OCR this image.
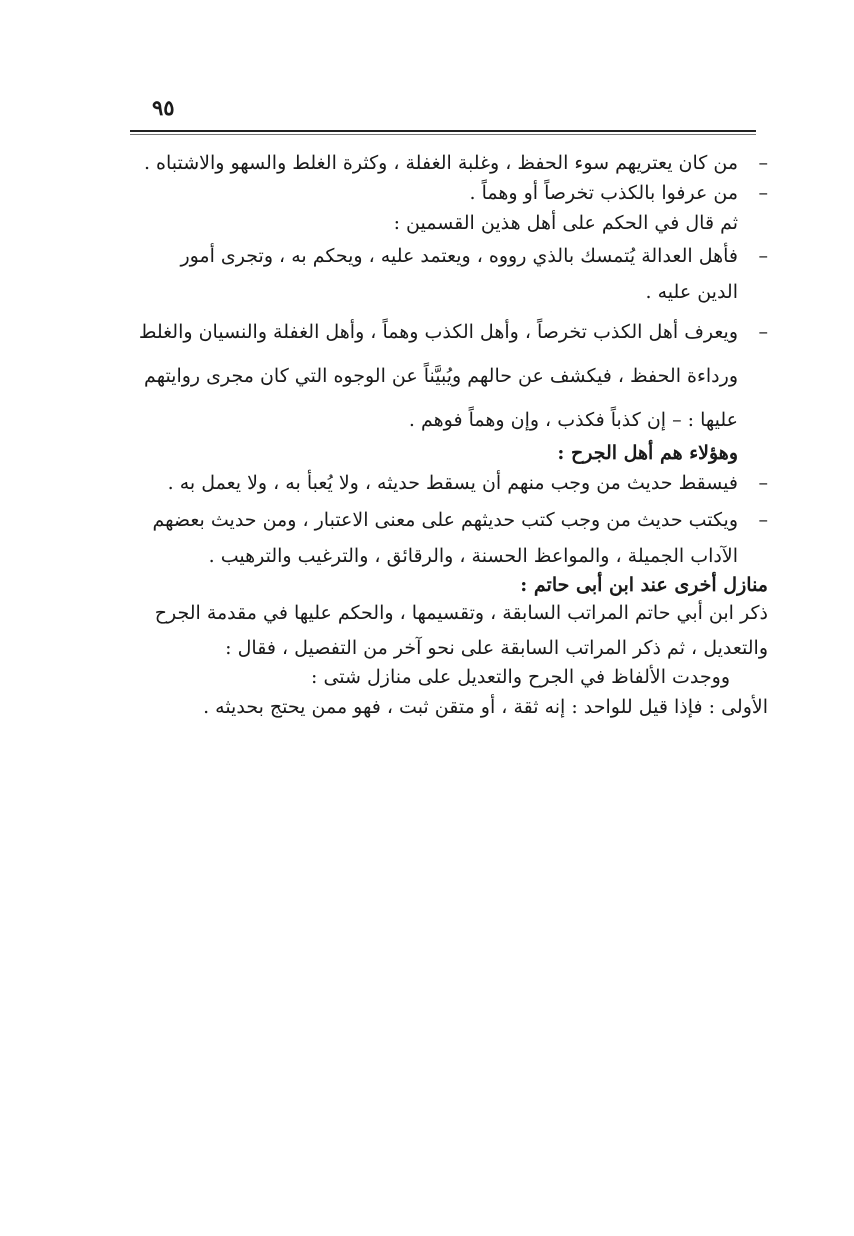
٩٥

–
من كان يعتريهم سوء الحفظ ، وغلبة الغفلة ، وكثرة الغلط والسهو والاشتباه .

–
من عرفوا بالكذب تخرصاً أو وهماً .

ثم قال في الحكم على أهل هذين القسمين :

–
فأهل العدالة يُتمسك بالذي رووه ، ويعتمد عليه ، ويحكم به ، وتجرى أمور الدين عليه .

–
ويعرف أهل الكذب تخرصاً ، وأهل الكذب وهماً ، وأهل الغفلة والنسيان والغلط ورداءة الحفظ ، فيكشف عن حالهم ويُبيَّناً عن الوجوه التي كان مجرى روايتهم عليها : – إن كذباً فكذب ، وإن وهماً فوهم .

وهؤلاء هم أهل الجرح :

–
فيسقط حديث من وجب منهم أن يسقط حديثه ، ولا يُعبأ به ، ولا يعمل به .

–
ويكتب حديث من وجب كتب حديثهم على معنى الاعتبار ، ومن حديث بعضهم الآداب الجميلة ، والمواعظ الحسنة ، والرقائق ، والترغيب والترهيب .

منازل أخرى عند ابن أبى حاتم :

ذكر ابن أبي حاتم المراتب السابقة ، وتقسيمها ، والحكم عليها في مقدمة الجرح والتعديل ، ثم ذكر المراتب السابقة على نحو آخر من التفصيل ، فقال :

ووجدت الألفاظ في الجرح والتعديل على منازل شتى :

الأولى : فإذا قيل للواحد : إنه ثقة ، أو متقن ثبت ، فهو ممن يحتج بحديثه .
